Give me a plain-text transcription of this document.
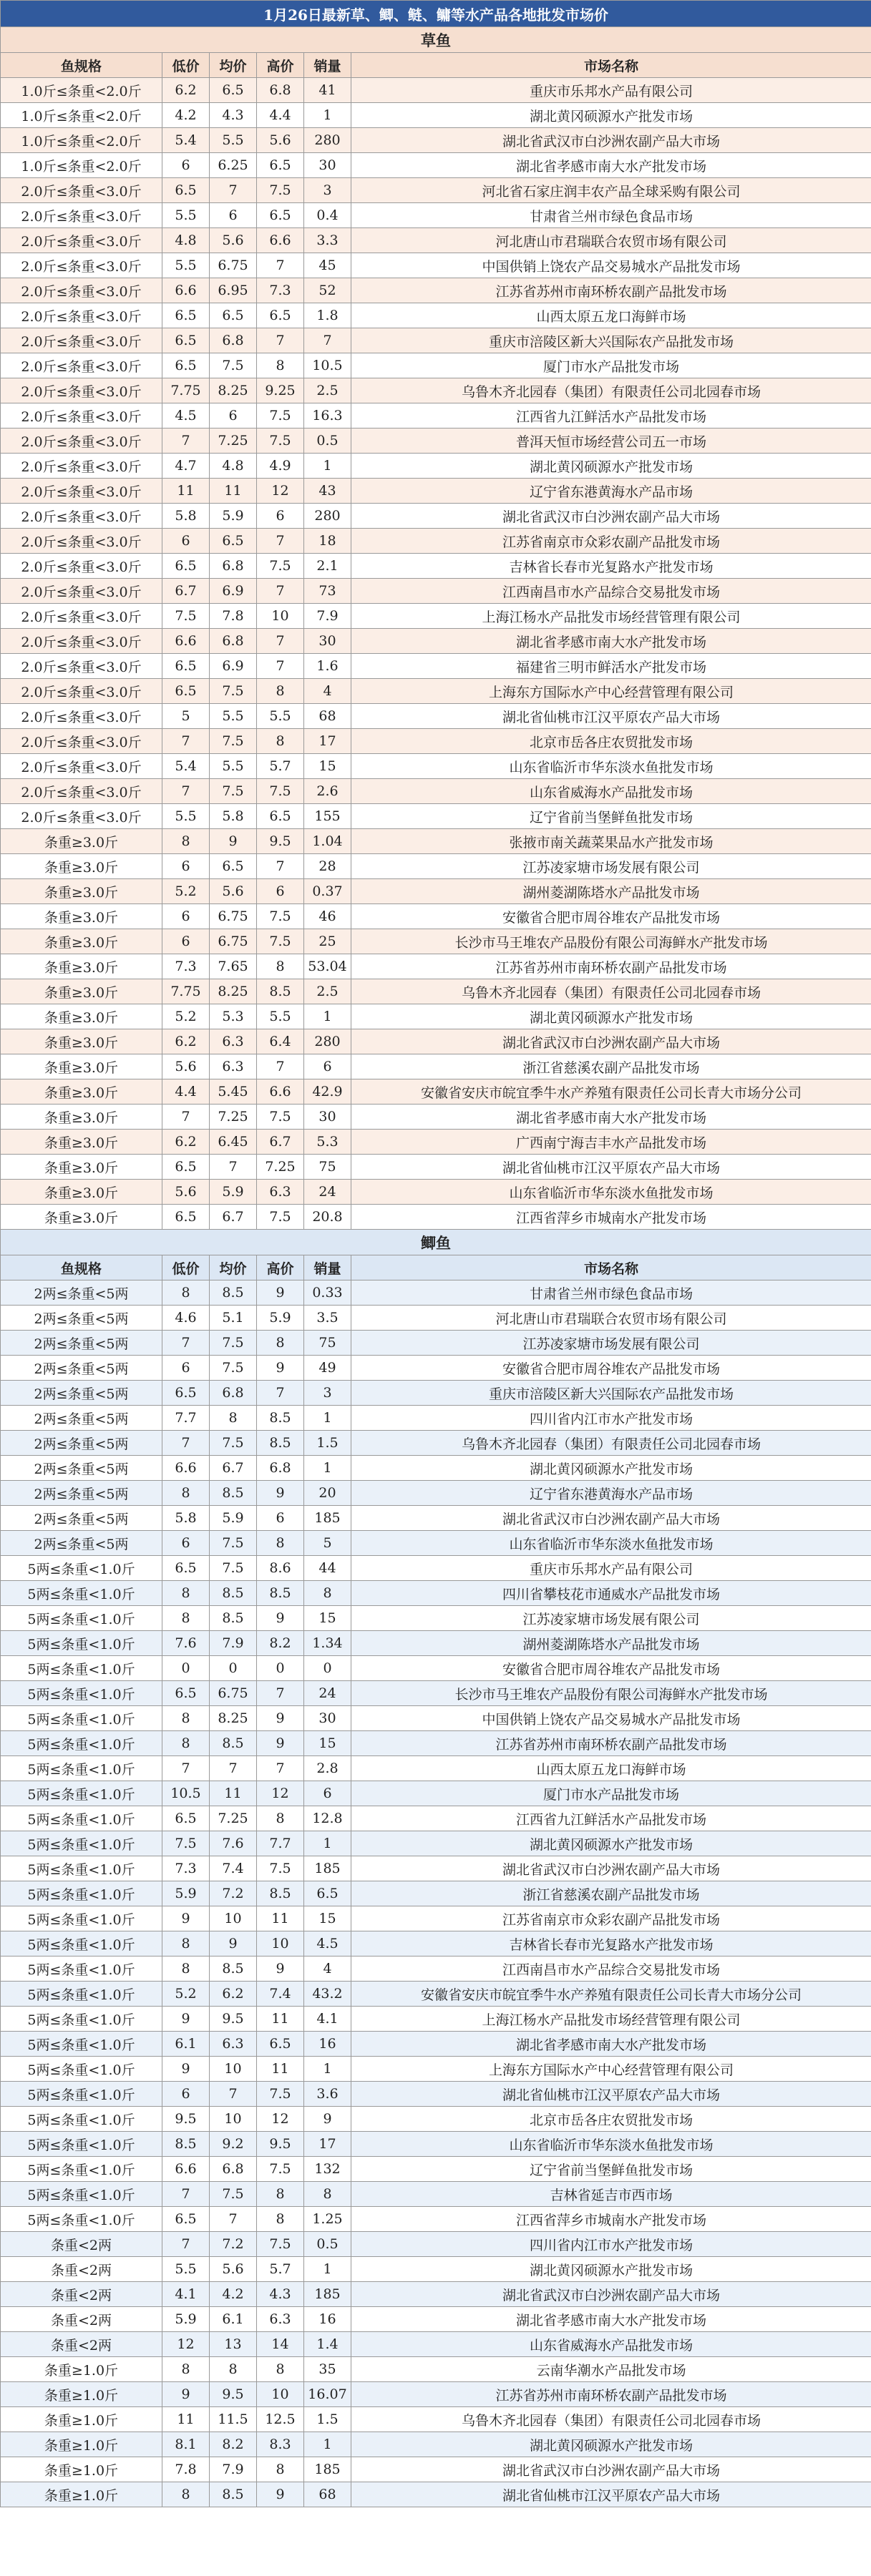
1月26日最新草、鲫、鲢、鳙等水产品各地批发市场价					
草鱼					
鱼规格	低价	均价	高价	销量	市场名称
1.0斤≤条重<2.0斤	6.2	6.5	6.8	41	重庆市乐邦水产品有限公司
1.0斤≤条重<2.0斤	4.2	4.3	4.4	1	湖北黄冈硕源水产批发市场
1.0斤≤条重<2.0斤	5.4	5.5	5.6	280	湖北省武汉市白沙洲农副产品大市场
1.0斤≤条重<2.0斤	6	6.25	6.5	30	湖北省孝感市南大水产批发市场
2.0斤≤条重<3.0斤	6.5	7	7.5	3	河北省石家庄润丰农产品全球采购有限公司
2.0斤≤条重<3.0斤	5.5	6	6.5	0.4	甘肃省兰州市绿色食品市场
2.0斤≤条重<3.0斤	4.8	5.6	6.6	3.3	河北唐山市君瑞联合农贸市场有限公司
2.0斤≤条重<3.0斤	5.5	6.75	7	45	中国供销上饶农产品交易城水产品批发市场
2.0斤≤条重<3.0斤	6.6	6.95	7.3	52	江苏省苏州市南环桥农副产品批发市场
2.0斤≤条重<3.0斤	6.5	6.5	6.5	1.8	山西太原五龙口海鲜市场
2.0斤≤条重<3.0斤	6.5	6.8	7	7	重庆市涪陵区新大兴国际农产品批发市场
2.0斤≤条重<3.0斤	6.5	7.5	8	10.5	厦门市水产品批发市场
2.0斤≤条重<3.0斤	7.75	8.25	9.25	2.5	乌鲁木齐北园春（集团）有限责任公司北园春市场
2.0斤≤条重<3.0斤	4.5	6	7.5	16.3	江西省九江鲜活水产品批发市场
2.0斤≤条重<3.0斤	7	7.25	7.5	0.5	普洱天恒市场经营公司五一市场
2.0斤≤条重<3.0斤	4.7	4.8	4.9	1	湖北黄冈硕源水产批发市场
2.0斤≤条重<3.0斤	11	11	12	43	辽宁省东港黄海水产品市场
2.0斤≤条重<3.0斤	5.8	5.9	6	280	湖北省武汉市白沙洲农副产品大市场
2.0斤≤条重<3.0斤	6	6.5	7	18	江苏省南京市众彩农副产品批发市场
2.0斤≤条重<3.0斤	6.5	6.8	7.5	2.1	吉林省长春市光复路水产批发市场
2.0斤≤条重<3.0斤	6.7	6.9	7	73	江西南昌市水产品综合交易批发市场
2.0斤≤条重<3.0斤	7.5	7.8	10	7.9	上海江杨水产品批发市场经营管理有限公司
2.0斤≤条重<3.0斤	6.6	6.8	7	30	湖北省孝感市南大水产批发市场
2.0斤≤条重<3.0斤	6.5	6.9	7	1.6	福建省三明市鲜活水产批发市场
2.0斤≤条重<3.0斤	6.5	7.5	8	4	上海东方国际水产中心经营管理有限公司
2.0斤≤条重<3.0斤	5	5.5	5.5	68	湖北省仙桃市江汉平原农产品大市场
2.0斤≤条重<3.0斤	7	7.5	8	17	北京市岳各庄农贸批发市场
2.0斤≤条重<3.0斤	5.4	5.5	5.7	15	山东省临沂市华东淡水鱼批发市场
2.0斤≤条重<3.0斤	7	7.5	7.5	2.6	山东省威海水产品批发市场
2.0斤≤条重<3.0斤	5.5	5.8	6.5	155	辽宁省前当堡鲜鱼批发市场
条重≥3.0斤	8	9	9.5	1.04	张掖市南关蔬菜果品水产批发市场
条重≥3.0斤	6	6.5	7	28	江苏凌家塘市场发展有限公司
条重≥3.0斤	5.2	5.6	6	0.37	湖州菱湖陈塔水产品批发市场
条重≥3.0斤	6	6.75	7.5	46	安徽省合肥市周谷堆农产品批发市场
条重≥3.0斤	6	6.75	7.5	25	长沙市马王堆农产品股份有限公司海鲜水产批发市场
条重≥3.0斤	7.3	7.65	8	53.04	江苏省苏州市南环桥农副产品批发市场
条重≥3.0斤	7.75	8.25	8.5	2.5	乌鲁木齐北园春（集团）有限责任公司北园春市场
条重≥3.0斤	5.2	5.3	5.5	1	湖北黄冈硕源水产批发市场
条重≥3.0斤	6.2	6.3	6.4	280	湖北省武汉市白沙洲农副产品大市场
条重≥3.0斤	5.6	6.3	7	6	浙江省慈溪农副产品批发市场
条重≥3.0斤	4.4	5.45	6.6	42.9	安徽省安庆市皖宜季牛水产养殖有限责任公司长青大市场分公司
条重≥3.0斤	7	7.25	7.5	30	湖北省孝感市南大水产批发市场
条重≥3.0斤	6.2	6.45	6.7	5.3	广西南宁海吉丰水产品批发市场
条重≥3.0斤	6.5	7	7.25	75	湖北省仙桃市江汉平原农产品大市场
条重≥3.0斤	5.6	5.9	6.3	24	山东省临沂市华东淡水鱼批发市场
条重≥3.0斤	6.5	6.7	7.5	20.8	江西省萍乡市城南水产批发市场
鲫鱼					
鱼规格	低价	均价	高价	销量	市场名称
2两≤条重<5两	8	8.5	9	0.33	甘肃省兰州市绿色食品市场
2两≤条重<5两	4.6	5.1	5.9	3.5	河北唐山市君瑞联合农贸市场有限公司
2两≤条重<5两	7	7.5	8	75	江苏凌家塘市场发展有限公司
2两≤条重<5两	6	7.5	9	49	安徽省合肥市周谷堆农产品批发市场
2两≤条重<5两	6.5	6.8	7	3	重庆市涪陵区新大兴国际农产品批发市场
2两≤条重<5两	7.7	8	8.5	1	四川省内江市水产批发市场
2两≤条重<5两	7	7.5	8.5	1.5	乌鲁木齐北园春（集团）有限责任公司北园春市场
2两≤条重<5两	6.6	6.7	6.8	1	湖北黄冈硕源水产批发市场
2两≤条重<5两	8	8.5	9	20	辽宁省东港黄海水产品市场
2两≤条重<5两	5.8	5.9	6	185	湖北省武汉市白沙洲农副产品大市场
2两≤条重<5两	6	7.5	8	5	山东省临沂市华东淡水鱼批发市场
5两≤条重<1.0斤	6.5	7.5	8.6	44	重庆市乐邦水产品有限公司
5两≤条重<1.0斤	8	8.5	8.5	8	四川省攀枝花市通威水产品批发市场
5两≤条重<1.0斤	8	8.5	9	15	江苏凌家塘市场发展有限公司
5两≤条重<1.0斤	7.6	7.9	8.2	1.34	湖州菱湖陈塔水产品批发市场
5两≤条重<1.0斤	0	0	0	0	安徽省合肥市周谷堆农产品批发市场
5两≤条重<1.0斤	6.5	6.75	7	24	长沙市马王堆农产品股份有限公司海鲜水产批发市场
5两≤条重<1.0斤	8	8.25	9	30	中国供销上饶农产品交易城水产品批发市场
5两≤条重<1.0斤	8	8.5	9	15	江苏省苏州市南环桥农副产品批发市场
5两≤条重<1.0斤	7	7	7	2.8	山西太原五龙口海鲜市场
5两≤条重<1.0斤	10.5	11	12	6	厦门市水产品批发市场
5两≤条重<1.0斤	6.5	7.25	8	12.8	江西省九江鲜活水产品批发市场
5两≤条重<1.0斤	7.5	7.6	7.7	1	湖北黄冈硕源水产批发市场
5两≤条重<1.0斤	7.3	7.4	7.5	185	湖北省武汉市白沙洲农副产品大市场
5两≤条重<1.0斤	5.9	7.2	8.5	6.5	浙江省慈溪农副产品批发市场
5两≤条重<1.0斤	9	10	11	15	江苏省南京市众彩农副产品批发市场
5两≤条重<1.0斤	8	9	10	4.5	吉林省长春市光复路水产批发市场
5两≤条重<1.0斤	8	8.5	9	4	江西南昌市水产品综合交易批发市场
5两≤条重<1.0斤	5.2	6.2	7.4	43.2	安徽省安庆市皖宜季牛水产养殖有限责任公司长青大市场分公司
5两≤条重<1.0斤	9	9.5	11	4.1	上海江杨水产品批发市场经营管理有限公司
5两≤条重<1.0斤	6.1	6.3	6.5	16	湖北省孝感市南大水产批发市场
5两≤条重<1.0斤	9	10	11	1	上海东方国际水产中心经营管理有限公司
5两≤条重<1.0斤	6	7	7.5	3.6	湖北省仙桃市江汉平原农产品大市场
5两≤条重<1.0斤	9.5	10	12	9	北京市岳各庄农贸批发市场
5两≤条重<1.0斤	8.5	9.2	9.5	17	山东省临沂市华东淡水鱼批发市场
5两≤条重<1.0斤	6.6	6.8	7.5	132	辽宁省前当堡鲜鱼批发市场
5两≤条重<1.0斤	7	7.5	8	8	吉林省延吉市西市场
5两≤条重<1.0斤	6.5	7	8	1.25	江西省萍乡市城南水产批发市场
条重<2两	7	7.2	7.5	0.5	四川省内江市水产批发市场
条重<2两	5.5	5.6	5.7	1	湖北黄冈硕源水产批发市场
条重<2两	4.1	4.2	4.3	185	湖北省武汉市白沙洲农副产品大市场
条重<2两	5.9	6.1	6.3	16	湖北省孝感市南大水产批发市场
条重<2两	12	13	14	1.4	山东省威海水产品批发市场
条重≥1.0斤	8	8	8	35	云南华潮水产品批发市场
条重≥1.0斤	9	9.5	10	16.07	江苏省苏州市南环桥农副产品批发市场
条重≥1.0斤	11	11.5	12.5	1.5	乌鲁木齐北园春（集团）有限责任公司北园春市场
条重≥1.0斤	8.1	8.2	8.3	1	湖北黄冈硕源水产批发市场
条重≥1.0斤	7.8	7.9	8	185	湖北省武汉市白沙洲农副产品大市场
条重≥1.0斤	8	8.5	9	68	湖北省仙桃市江汉平原农产品大市场
